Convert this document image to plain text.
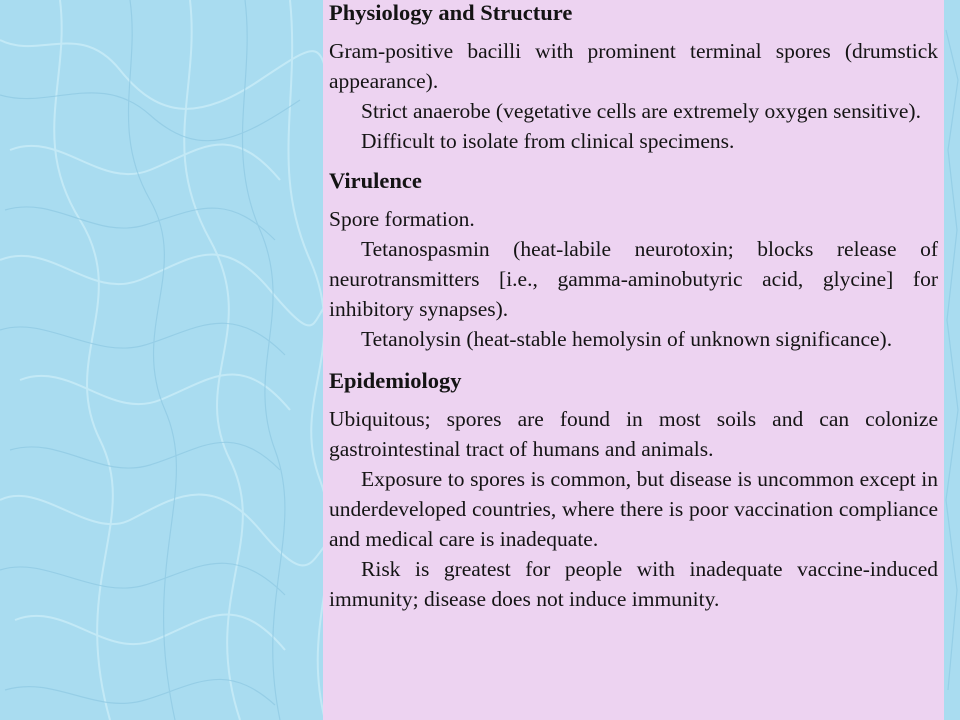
Physiology and Structure

Gram-positive bacilli with prominent terminal spores (drumstick appearance).

Strict anaerobe (vegetative cells are extremely oxygen sensitive).

Difficult to isolate from clinical specimens.

Virulence

Spore formation.

Tetanospasmin (heat-labile neurotoxin; blocks release of neurotransmitters [i.e., gamma-aminobutyric acid, glycine] for inhibitory synapses).

Tetanolysin (heat-stable hemolysin of unknown significance).

Epidemiology

Ubiquitous; spores are found in most soils and can colonize gastrointestinal tract of humans and animals.

Exposure to spores is common, but disease is uncommon except in underdeveloped countries, where there is poor vaccination compliance and medical care is inadequate.

Risk is greatest for people with inadequate vaccine-induced immunity; disease does not induce immunity.
